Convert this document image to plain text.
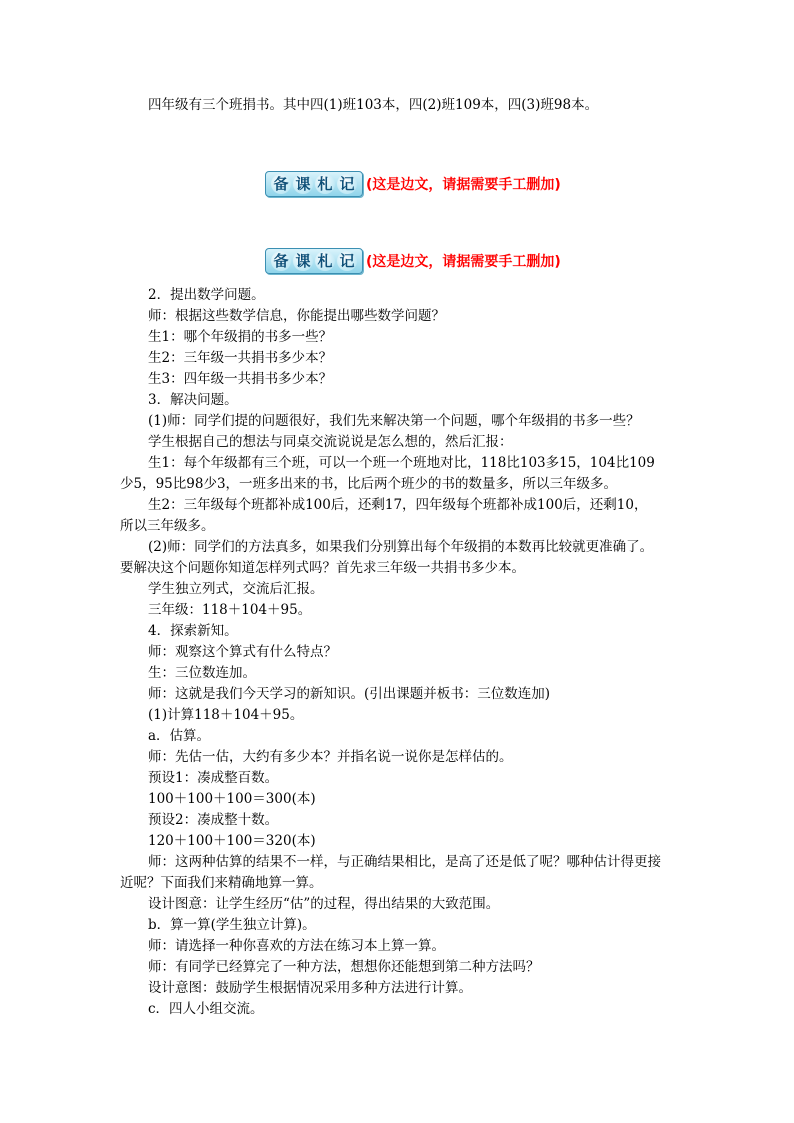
四年级有三个班捐书。其中四(1)班103本，四(2)班109本，四(3)班98本。
备 课 札 记 (这是边文，请据需要手工删加)
备 课 札 记 (这是边文，请据需要手工删加)
2．提出数学问题。
师：根据这些数学信息，你能提出哪些数学问题？
生1：哪个年级捐的书多一些？
生2：三年级一共捐书多少本？
生3：四年级一共捐书多少本？
3．解决问题。
(1)师：同学们提的问题很好，我们先来解决第一个问题，哪个年级捐的书多一些？
学生根据自己的想法与同桌交流说说是怎么想的，然后汇报：
生1：每个年级都有三个班，可以一个班一个班地对比，118比103多15，104比109
少5，95比98少3，一班多出来的书，比后两个班少的书的数量多，所以三年级多。
生2：三年级每个班都补成100后，还剩17，四年级每个班都补成100后，还剩10，
所以三年级多。
(2)师：同学们的方法真多，如果我们分别算出每个年级捐的本数再比较就更准确了。
要解决这个问题你知道怎样列式吗？首先求三年级一共捐书多少本。
学生独立列式，交流后汇报。
三年级：118＋104＋95。
4．探索新知。
师：观察这个算式有什么特点？
生：三位数连加。
师：这就是我们今天学习的新知识。(引出课题并板书：三位数连加)
(1)计算118＋104＋95。
a．估算。
师：先估一估，大约有多少本？并指名说一说你是怎样估的。
预设1：凑成整百数。
100＋100＋100＝300(本)
预设2：凑成整十数。
120＋100＋100＝320(本)
师：这两种估算的结果不一样，与正确结果相比，是高了还是低了呢？哪种估计得更接
近呢？下面我们来精确地算一算。
设计图意：让学生经历“估”的过程，得出结果的大致范围。
b．算一算(学生独立计算)。
师：请选择一种你喜欢的方法在练习本上算一算。
师：有同学已经算完了一种方法，想想你还能想到第二种方法吗？
设计意图：鼓励学生根据情况采用多种方法进行计算。
c．四人小组交流。
